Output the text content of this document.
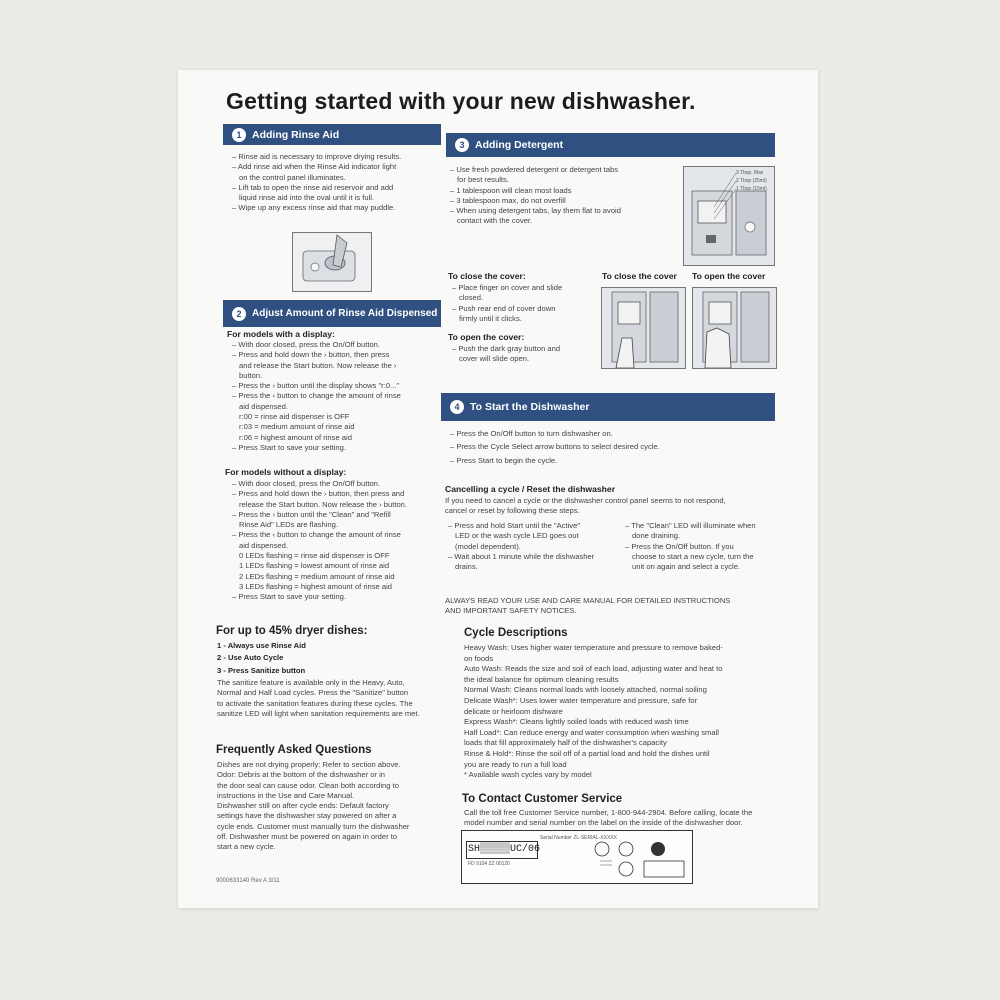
Getting started with your new dishwasher.
1	Adding Rinse Aid
– Rinse aid is necessary to improve drying results.
– Add rinse aid when the Rinse Aid indicator light
on the control panel illuminates.
– Lift tab to open the rinse aid reservoir and add
liquid rinse aid into the oval until it is full.
– Wipe up any excess rinse aid that may puddle.
2	Adjust Amount of Rinse Aid Dispensed
For models with a display:
– With door closed, press the On/Off button.
– Press and hold down the › button, then press
and release the Start button. Now release the ›
button.
– Press the › button until the display shows "r:0..."
– Press the ‹ button to change the amount of rinse
aid dispensed.
r:00 = rinse aid dispenser is OFF
r:03 = medium amount of rinse aid
r:06 = highest amount of rinse aid
– Press Start to save your setting.
For models without a display:
– With door closed, press the On/Off button.
– Press and hold down the › button, then press and
release the Start button. Now release the › button.
– Press the › button until the "Clean" and "Refill
Rinse Aid" LEDs are flashing.
– Press the ‹ button to change the amount of rinse
aid dispensed.
0 LEDs flashing = rinse aid dispenser is OFF
1 LEDs flashing = lowest amount of rinse aid
2 LEDs flashing = medium amount of rinse aid
3 LEDs flashing = highest amount of rinse aid
– Press Start to save your setting.
3	Adding Detergent
– Use fresh powdered detergent or detergent tabs
for best results.
– 1 tablespoon will clean most loads
– 3 tablespoon max, do not overfill
– When using detergent tabs, lay them flat to avoid
contact with the cover.
3 Tbsp. Max
2 Tbsp (25ml)
1 Tbsp (15ml)
To close the cover:
– Place finger on cover and slide
closed.
– Push rear end of cover down
firmly until it clicks.
To open the cover:
– Push the dark gray button and
cover will slide open.
To close the cover To open the cover
4	To Start the Dishwasher
– Press the On/Off button to turn dishwasher on.
– Press the Cycle Select arrow buttons to select desired cycle.
– Press Start to begin the cycle.
Cancelling a cycle / Reset the dishwasher
If you need to cancel a cycle or the dishwasher control panel seems to not respond,
cancel or reset by following these steps.
– Press and hold Start until the "Active"
LED or the wash cycle LED goes out
(model dependent).
– Wait about 1 minute while the dishwasher
drains.
– The "Clean" LED will illuminate when
done draining.
– Press the On/Off button. If you
choose to start a new cycle, turn the
unit on again and select a cycle.
ALWAYS READ YOUR USE AND CARE MANUAL FOR DETAILED INSTRUCTIONS
AND IMPORTANT SAFETY NOTICES.
For up to 45% dryer dishes:
1 - Always use Rinse Aid
2 - Use Auto Cycle
3 - Press Sanitize button
The sanitize feature is available only in the Heavy, Auto,
Normal and Half Load cycles. Press the "Sanitize" button
to activate the sanitation features during these cycles. The
sanitize LED will light when sanitation requirements are met.
Frequently Asked Questions
Dishes are not drying properly: Refer to section above.
Odor: Debris at the bottom of the dishwasher or in
the door seal can cause odor. Clean both according to
instructions in the Use and Care Manual.
Dishwasher still on after cycle ends: Default factory
settings have the dishwasher stay powered on after a
cycle ends. Customer must manually turn the dishwasher
off. Dishwasher must be powered on again in order to
start a new cycle.
9000633140 Rev A 3/11
Cycle Descriptions
Heavy Wash: Uses higher water temperature and pressure to remove baked-
on foods
Auto Wash: Reads the size and soil of each load, adjusting water and heat to
the ideal balance for optimum cleaning results
Normal Wash: Cleans normal loads with loosely attached, normal soiling
Delicate Wash*: Uses lower water temperature and pressure, safe for
delicate or heirloom dishware
Express Wash*: Cleans lightly soiled loads with reduced wash time
Half Load*: Can reduce energy and water consumption when washing small
loads that fill approximately half of the dishwasher's capacity
Rinse & Hold*: Rinse the soil off of a partial load and hold the dishes until
you are ready to run a full load
* Available wash cycles vary by model
To Contact Customer Service
Call the toll free Customer Service number, 1-800-944-2904. Before calling, locate the
model number and serial number on the label on the inside of the dishwasher door.
SH▒▒▒▒▒UC/06
Serial Number ZL-SERIAL-XXXXX
FD 9104 ZZ 00120
